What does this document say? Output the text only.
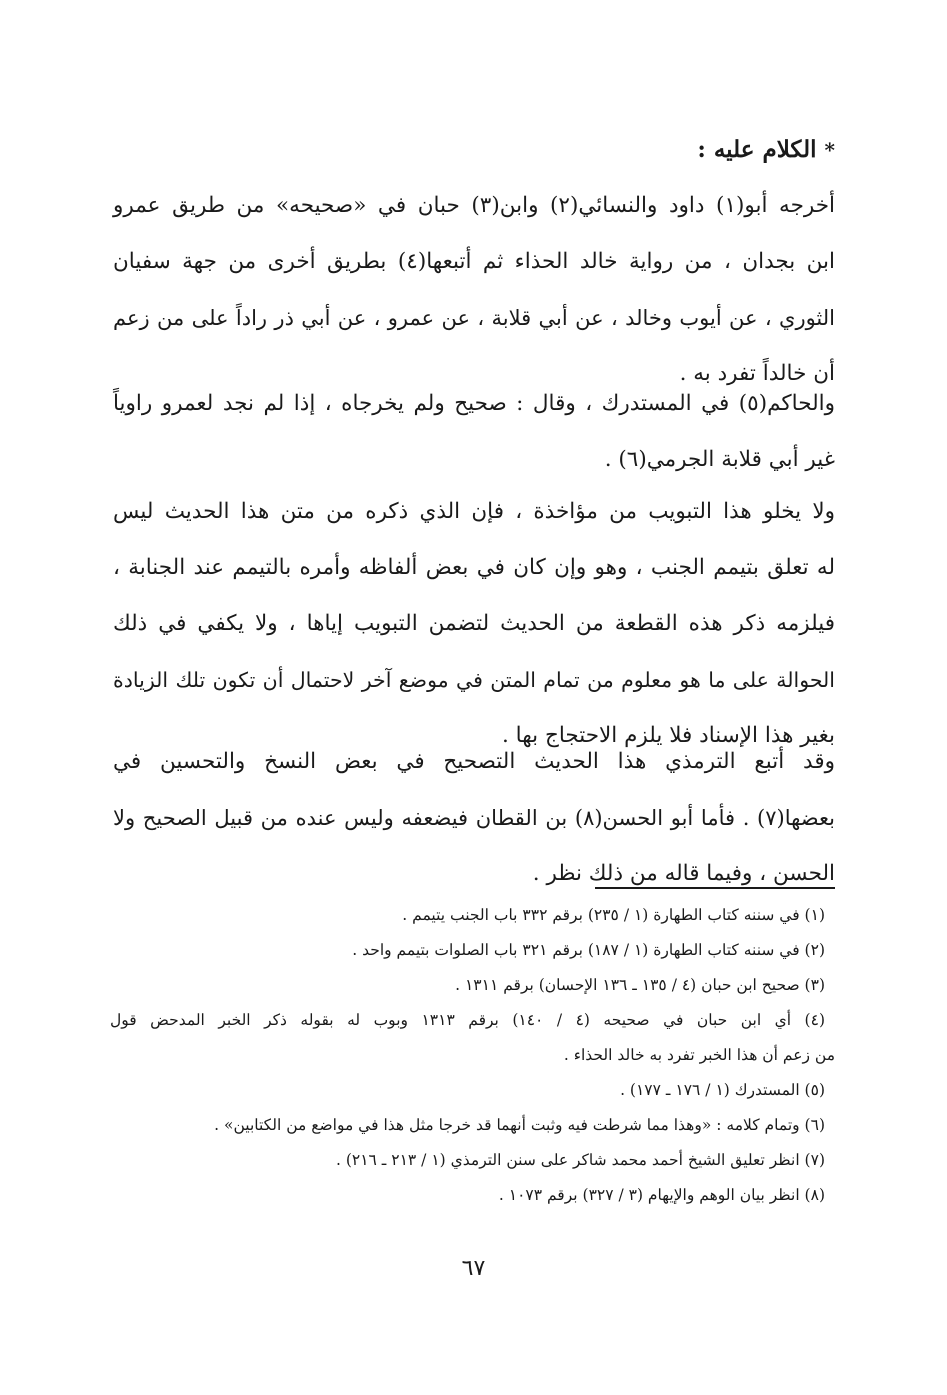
*الكلام عليه :
أخرجه أبو(١) داود والنسائي(٢) وابن(٣) حبان في «صحيحه» من طريق عمرو
ابن بجدان ، من رواية خالد الحذاء ثم أتبعها(٤) بطريق أخرى من جهة سفيان
الثوري ، عن أيوب وخالد ، عن أبي قلابة ، عن عمرو ، عن أبي ذر راداً على من زعم
أن خالداً تفرد به .
والحاكم(٥) في المستدرك ، وقال : صحيح ولم يخرجاه ، إذا لم نجد لعمرو راوياً
غير أبي قلابة الجرمي(٦) .
ولا يخلو هذا التبويب من مؤاخذة ، فإن الذي ذكره من متن هذا الحديث ليس
له تعلق بتيمم الجنب ، وهو وإن كان في بعض ألفاظه وأمره بالتيمم عند الجنابة ،
فيلزمه ذكر هذه القطعة من الحديث لتضمن التبويب إياها ، ولا يكفي في ذلك
الحوالة على ما هو معلوم من تمام المتن في موضع آخر لاحتمال أن تكون تلك الزيادة
بغير هذا الإسناد فلا يلزم الاحتجاج بها .
وقد أتبع الترمذي هذا الحديث التصحيح في بعض النسخ والتحسين في
بعضها(٧) . فأما أبو الحسن(٨) بن القطان فيضعفه وليس عنده من قبيل الصحيح ولا
الحسن ، وفيما قاله من ذلك نظر .
(١) في سننه كتاب الطهارة (١ / ٢٣٥) برقم ٣٣٢ باب الجنب يتيمم .
(٢) في سننه كتاب الطهارة (١ / ١٨٧) برقم ٣٢١ باب الصلوات بتيمم واحد .
(٣) صحيح ابن حبان (٤ / ١٣٥ ـ ١٣٦ الإحسان) برقم ١٣١١ .
(٤) أي ابن حبان في صحيحه (٤ / ١٤٠) برقم ١٣١٣ وبوب له بقوله ذكر الخبر المدحض قول
من زعم أن هذا الخبر تفرد به خالد الحذاء .
(٥) المستدرك (١ / ١٧٦ ـ ١٧٧) .
(٦) وتمام كلامه : «وهذا مما شرطت فيه وثبت أنهما قد خرجا مثل هذا في مواضع من الكتابين» .
(٧) انظر تعليق الشيخ أحمد محمد شاكر على سنن الترمذي (١ / ٢١٣ ـ ٢١٦) .
(٨) انظر بيان الوهم والإيهام (٣ / ٣٢٧) برقم ١٠٧٣ .
٦٧
